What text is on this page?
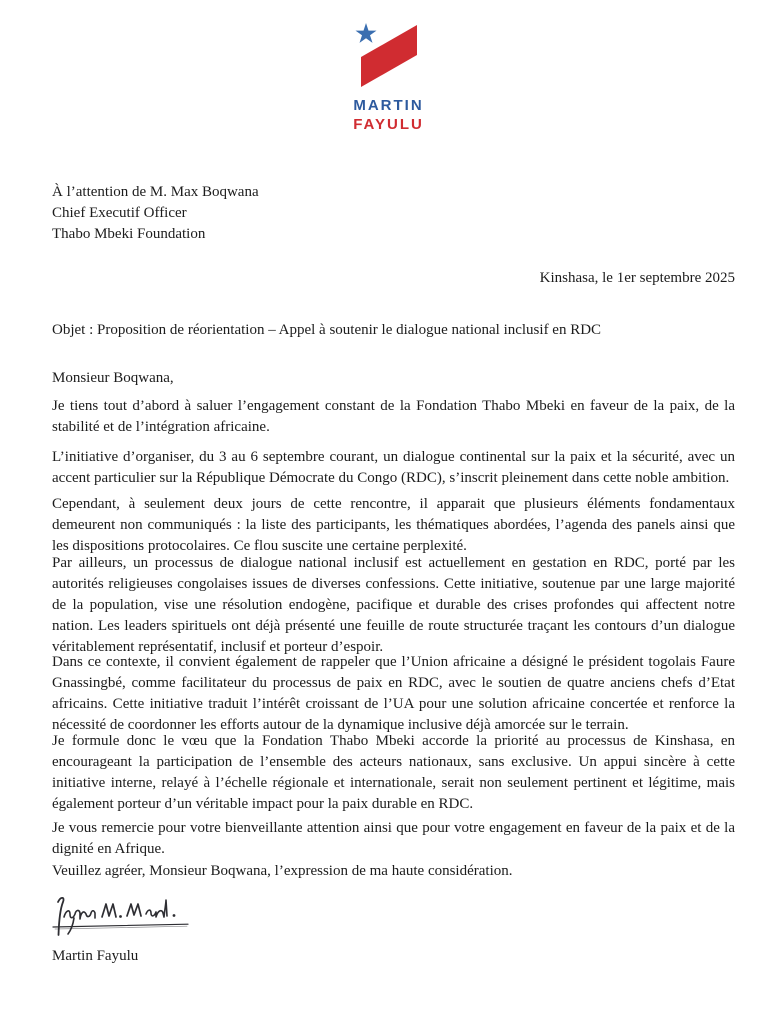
MARTIN
FAYULU

À l’attention de M. Max Boqwana

Chief Executif Officer

Thabo Mbeki Foundation

Kinshasa, le 1er septembre 2025
Objet : Proposition de réorientation – Appel à soutenir le dialogue national inclusif en RDC
Monsieur Boqwana,

Je tiens tout d’abord à saluer l’engagement constant de la Fondation Thabo Mbeki en faveur de la paix, de la stabilité et de l’intégration africaine.

L’initiative d’organiser, du 3 au 6 septembre courant, un dialogue continental sur la paix et la sécurité, avec un accent particulier sur la République Démocrate du Congo (RDC), s’inscrit pleinement dans cette noble ambition.

Cependant, à seulement deux jours de cette rencontre, il apparait que plusieurs éléments fondamentaux demeurent non communiqués : la liste des participants, les thématiques abordées, l’agenda des panels ainsi que les dispositions protocolaires. Ce flou suscite une certaine perplexité.

Par ailleurs, un processus de dialogue national inclusif est actuellement en gestation en RDC, porté par les autorités religieuses congolaises issues de diverses confessions. Cette initiative, soutenue par une large majorité de la population, vise une résolution endogène, pacifique et durable des crises profondes qui affectent notre nation. Les leaders spirituels ont déjà présenté une feuille de route structurée traçant les contours d’un dialogue véritablement représentatif, inclusif et porteur d’espoir.

Dans ce contexte, il convient également de rappeler que l’Union africaine a désigné le président togolais Faure Gnassingbé, comme facilitateur du processus de paix en RDC, avec le soutien de quatre anciens chefs d’Etat africains. Cette initiative traduit l’intérêt croissant de l’UA pour une solution africaine concertée et renforce la nécessité de coordonner les efforts autour de la dynamique inclusive déjà amorcée sur le terrain.

Je formule donc le vœu que la Fondation Thabo Mbeki accorde la priorité au processus de Kinshasa, en encourageant la participation de l’ensemble des acteurs nationaux, sans exclusive. Un appui sincère à cette initiative interne, relayé à l’échelle régionale et internationale, serait non seulement pertinent et légitime, mais également porteur d’un véritable impact pour la paix durable en RDC.

Je vous remercie pour votre bienveillante attention ainsi que pour votre engagement en faveur de la paix et de la dignité en Afrique.

Veuillez agréer, Monsieur Boqwana, l’expression de ma haute considération.
Martin Fayulu
